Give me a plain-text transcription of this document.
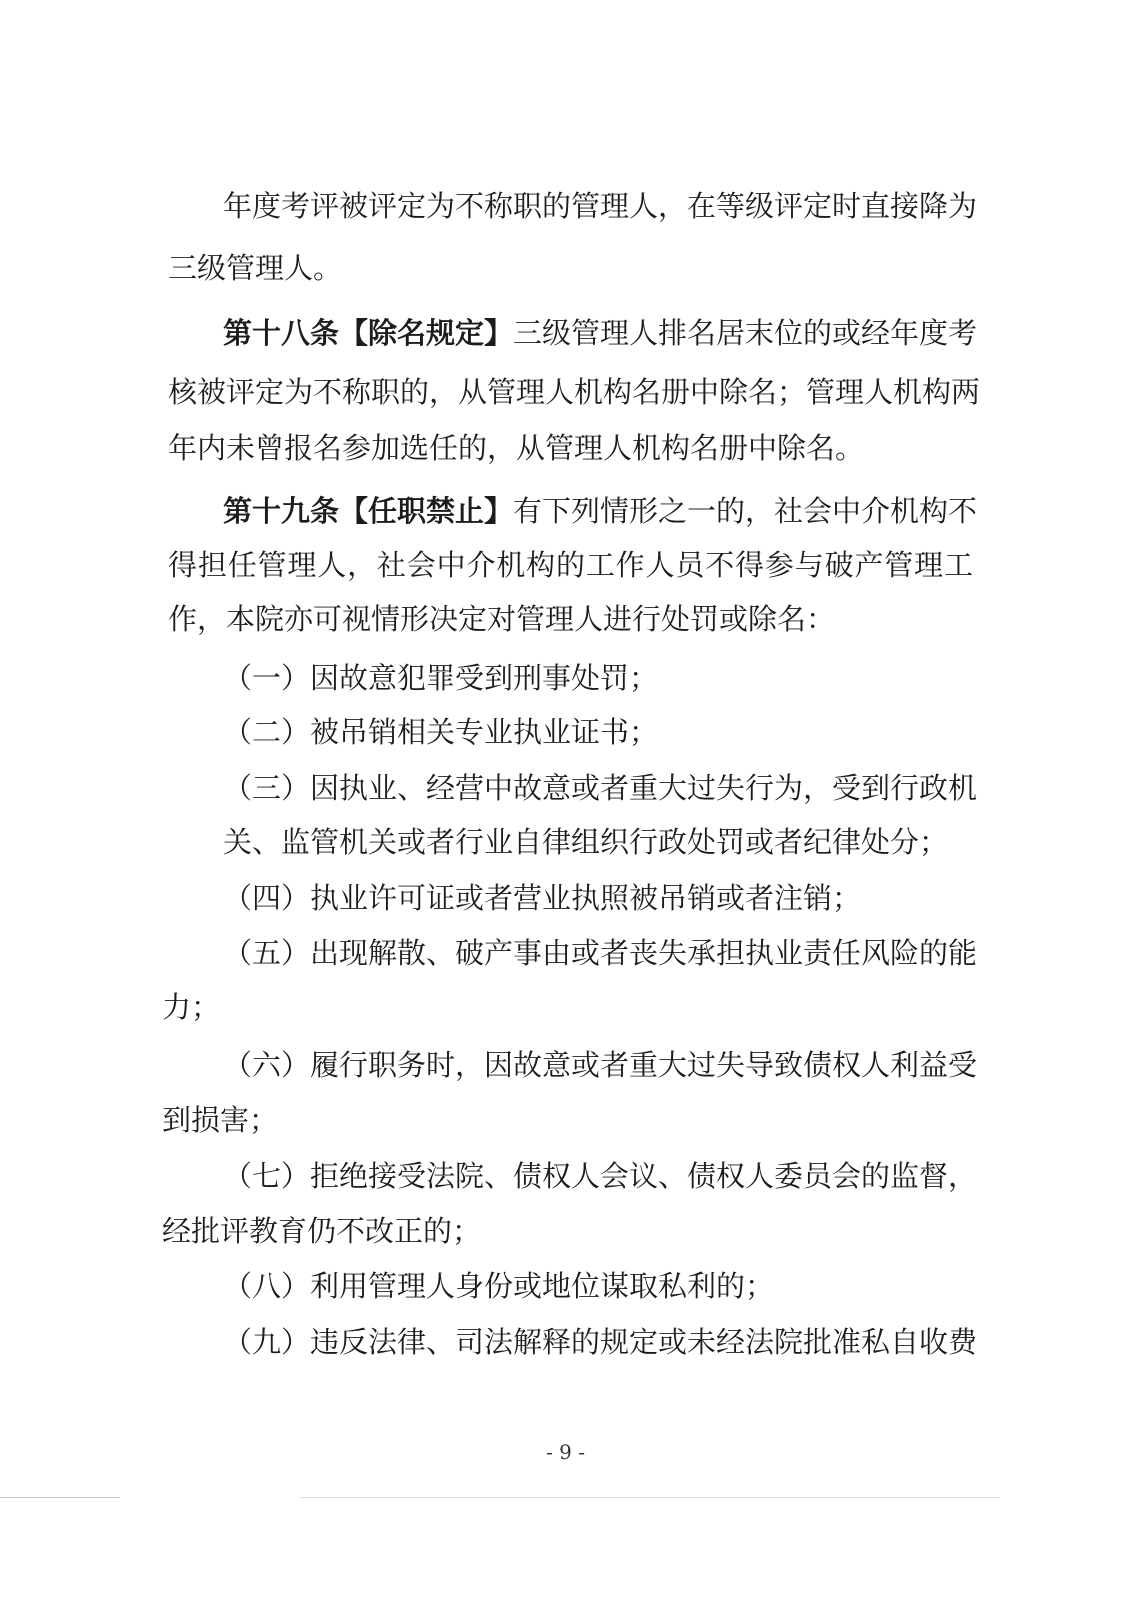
年度考评被评定为不称职的管理人，在等级评定时直接降为
三级管理人。
第十八条【除名规定】三级管理人排名居末位的或经年度考
核被评定为不称职的，从管理人机构名册中除名；管理人机构两
年内未曾报名参加选任的，从管理人机构名册中除名。
第十九条【任职禁止】有下列情形之一的，社会中介机构不
得担任管理人，社会中介机构的工作人员不得参与破产管理工
作，本院亦可视情形决定对管理人进行处罚或除名：
（一）因故意犯罪受到刑事处罚；
（二）被吊销相关专业执业证书；
（三）因执业、经营中故意或者重大过失行为，受到行政机
关、监管机关或者行业自律组织行政处罚或者纪律处分；
（四）执业许可证或者营业执照被吊销或者注销；
（五）出现解散、破产事由或者丧失承担执业责任风险的能
力；
（六）履行职务时，因故意或者重大过失导致债权人利益受
到损害；
（七）拒绝接受法院、债权人会议、债权人委员会的监督，
经批评教育仍不改正的；
（八）利用管理人身份或地位谋取私利的；
（九）违反法律、司法解释的规定或未经法院批准私自收费
- 9 -
